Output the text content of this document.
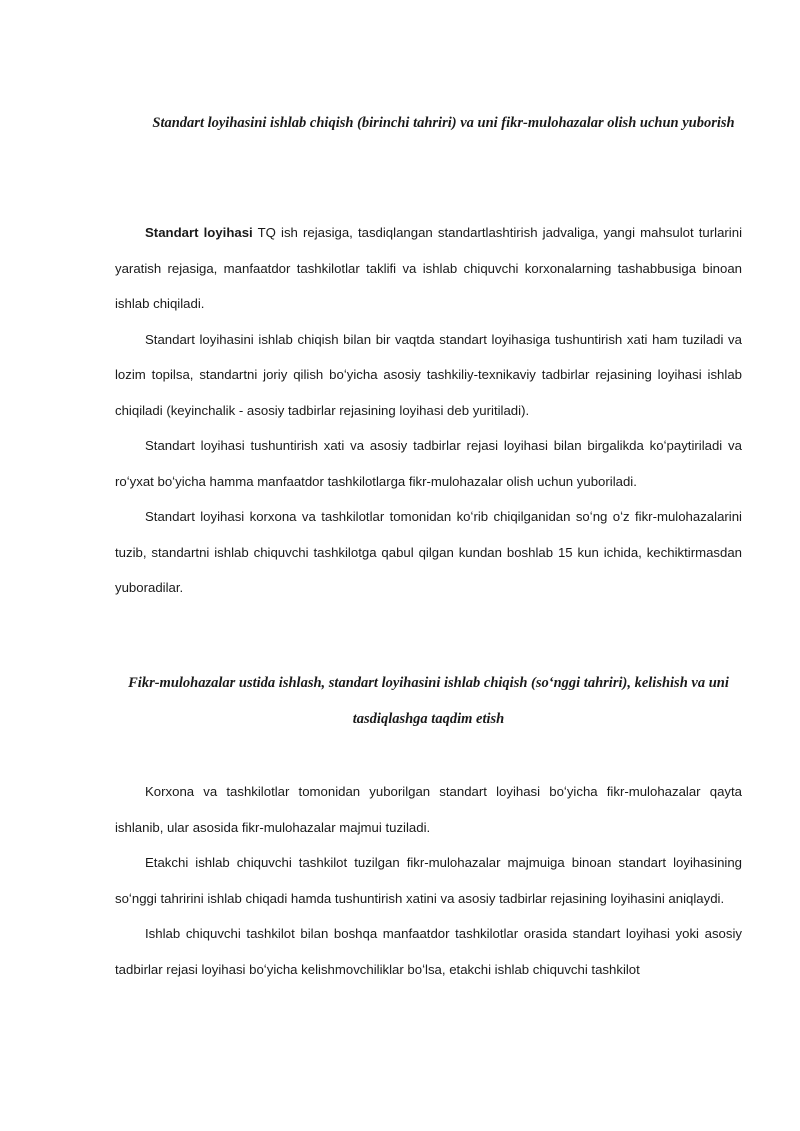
Standart loyihasini ishlab chiqish (birinchi tahriri) va uni fikr-mulohazalar olish uchun yuborish

Standart loyihasi TQ ish rejasiga, tasdiqlangan standartlashtirish jadvaliga, yangi mahsulot turlarini yaratish rejasiga, manfaatdor tashkilotlar taklifi va ishlab chiquvchi korxonalarning tashabbusiga binoan ishlab chiqiladi.

Standart loyihasini ishlab chiqish bilan bir vaqtda standart loyihasiga tushuntirish xati ham tuziladi va lozim topilsa, standartni joriy qilish boʻyicha asosiy tashkiliy-texnikaviy tadbirlar rejasining loyihasi ishlab chiqiladi (keyinchalik - asosiy tadbirlar rejasining loyihasi deb yuritiladi).

Standart loyihasi tushuntirish xati va asosiy tadbirlar rejasi loyihasi bilan birgalikda koʻpaytiriladi va roʻyxat boʻyicha hamma manfaatdor tashkilotlarga fikr-mulohazalar olish uchun yuboriladi.

Standart loyihasi korxona va tashkilotlar tomonidan koʻrib chiqilganidan soʻng oʻz fikr-mulohazalarini tuzib, standartni ishlab chiquvchi tashkilotga qabul qilgan kundan boshlab 15 kun ichida, kechiktirmasdan yuboradilar.

Fikr-mulohazalar ustida ishlash, standart loyihasini ishlab chiqish (soʻnggi tahriri), kelishish va uni tasdiqlashga taqdim etish

Korxona va tashkilotlar tomonidan yuborilgan standart loyihasi boʻyicha fikr-mulohazalar qayta ishlanib, ular asosida fikr-mulohazalar majmui tuziladi.

Etakchi ishlab chiquvchi tashkilot tuzilgan fikr-mulohazalar majmuiga binoan standart loyihasining soʻnggi tahririni ishlab chiqadi hamda tushuntirish xatini va asosiy tadbirlar rejasining loyihasini aniqlaydi.

Ishlab chiquvchi tashkilot bilan boshqa manfaatdor tashkilotlar orasida standart loyihasi yoki asosiy tadbirlar rejasi loyihasi boʻyicha kelishmovchiliklar boʻlsa, etakchi ishlab chiquvchi tashkilot
